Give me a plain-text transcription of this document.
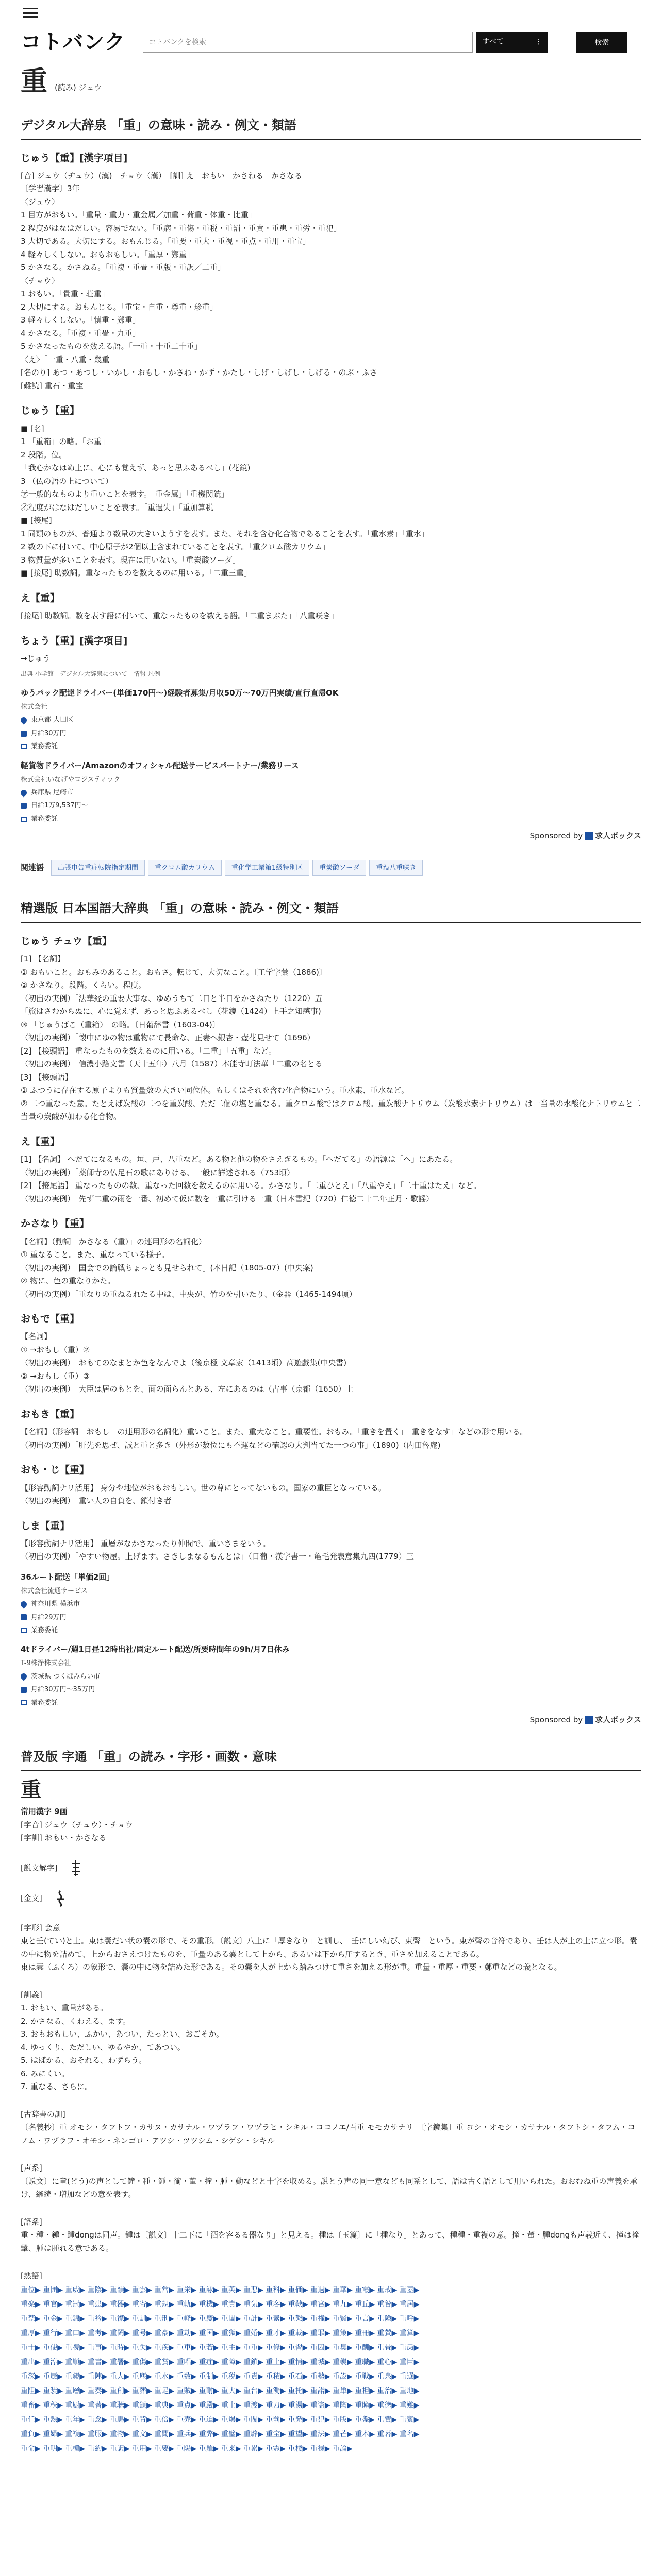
コトバンク
コトバンクを検索	すべて	⋮	検索
重 (読み) ジュウ
デジタル大辞泉 「重」の意味・読み・例文・類語
じゅう【重】[漢字項目]
[音] ジュウ（ヂュウ）(漢)　チョウ（漢）　[訓] え　おもい　かさねる　かさなる
〔学習漢字〕3年
〈ジュウ〉
1 目方がおもい。「重量・重力・重金属／加重・荷重・体重・比重」
2 程度がはなはだしい。容易でない。「重病・重傷・重税・重罰・重責・重患・重労・重犯」
3 大切である。大切にする。おもんじる。「重要・重大・重視・重点・重用・重宝」
4 軽々しくしない。おもおもしい。「重厚・鄭重」
5 かさなる。かさねる。「重複・重畳・重版・重訳／二重」
〈チョウ〉
1 おもい。「貴重・荘重」
2 大切にする。おもんじる。「重宝・自重・尊重・珍重」
3 軽々しくしない。「慎重・鄭重」
4 かさなる。「重複・重畳・九重」
5 かさなったものを数える語。「一重・十重二十重」
〈え〉「一重・八重・幾重」
[名のり] あつ・あつし・いかし・おもし・かさね・かず・かたし・しげ・しげし・しげる・のぶ・ふさ
[難読] 重石・重宝
じゅう【重】
■ [名]
1 「重箱」の略。「お重」
2 段階。位。
「我心かなはぬ上に、心にも覚えず、あっと思ふあるべし」(花鏡)
3 （仏の語の上について）
㋐一般的なものより重いことを表す。「重金属」「重機関銃」
㋑程度がはなはだしいことを表す。「重過失」「重加算税」
■ [接尾]
1 同類のものが、普通より数量の大きいようすを表す。また、それを含む化合物であることを表す。「重水素」「重水」
2 数の下に付いて、中心原子が2個以上含まれていることを表す。「重クロム酸カリウム」
3 物質量が多いことを表す。現在は用いない。「重炭酸ソーダ」
■ [接尾] 助数詞。重なったものを数えるのに用いる。「二重三重」
え【重】
[接尾] 助数詞。数を表す語に付いて、重なったものを数える語。「二重まぶた」「八重咲き」
ちょう【重】[漢字項目]
→じゅう
出典 小学館　デジタル大辞泉について　情報 凡例
ゆうパック配達ドライバー(単価170円〜)経験者募集/月収50万〜70万円実績/直行直帰OK
株式会社
東京都 大田区
月給30万円
業務委託
軽貨物ドライバー/Amazonのオフィシャル配送サービスパートナー/業務リース
株式会社いなげやロジスティック
兵庫県 尼崎市
日給1万9,537円〜
業務委託
Sponsored by 求人ボックス
関連語	出張申告重症転院指定期間	重クロム酸カリウム	重化学工業第1級特別区	重炭酸ソーダ	重ね八重咲き
精選版 日本国語大辞典 「重」の意味・読み・例文・類語
じゅう チュウ【重】
[1] 【名詞】
① おもいこと。おもみのあること。おもさ。転じて、大切なこと。〔工学字彙（1886)〕
② かさなり。段階。くらい。程度。
（初出の実例）「法華経の重要大事な、ゆめうちて二日と半日をかさねたり（1220）五
「旅はさむからぬに、心に覚えず、あっと思ふあるべし（花鏡（1424）上手之知感事)
③ 「じゅうばこ（重箱）」の略。〔日葡辞書（1603-04)〕
（初出の実例）「懐中にゆの物は重物にて長命な、正妻へ銀杏・壺花見せて（1696）
[2] 【接頭語】 重なったものを数えるのに用いる。「二重」「五重」など。
（初出の実例）「信濃小路文書（天十五年）八月（1587）本能寺町法華「二重の名とる」
[3] 【接頭語】
① ふつうに存在する原子よりも質量数の大きい同位体。もしくはそれを含む化合物にいう。重水素、重水など。
② 二つ重なった意。たとえば炭酸の二つを重炭酸、ただ二個の塩と重なる。重クロム酸ではクロム酸。重炭酸ナトリウム（炭酸水素ナトリウム）は一当量の水酸化ナトリウムと二当量の炭酸が加わる化合物。
え【重】
[1] 【名詞】 へだてになるもの。垣、戸、八重など。ある物と他の物をさえぎるもの。「へだてる」の語源は「へ」にあたる。
（初出の実例）「薬師寺の仏足石の歌にありける、一般に詳述される（753頃）
[2] 【接尾語】 重なったものの数、重なった回数を数えるのに用いる。かさなり。「二重ひとえ」「八重やえ」「二十重はたえ」など。
（初出の実例）「先ず二重の雨を一番、初めて仮に数を一重に引ける一重（日本書紀（720）仁徳二十二年正月・歌謡）
かさなり【重】
【名詞】（動詞「かさなる（重）」の連用形の名詞化）
① 重なること。また、重なっている様子。
（初出の実例）「国会での論戦ちょっとも見せられて」(本日記（1805-07）(中央案)
② 物に、色の重なりかた。
（初出の実例）「重なりの重ねるれたる中は、中央が、竹のを引いたり、（金器（1465-1494頃）
おもで【重】
【名詞】
① →おもし（重）②
（初出の実例）「おもてのなまとか色をなんでよ（後京極 文章家（1413頃）高遊戯集(中央書)
② →おもし（重）③
（初出の実例）「大臣は居のもとを、面の面らんとある、左にあるのは（古事（京都（1650）上
おもき【重】
【名詞】（形容詞「おもし」の連用形の名詞化）重いこと。また、重大なこと。重要性。おもみ。「重きを置く」「重きをなす」などの形で用いる。
（初出の実例）「肝先を思ぜ、誠と重と多き（外形が数位にも不運などの確認の大判当てた一つの事」（1890)（内田魯庵)
おも・じ【重】
【形容動詞ナリ活用】 身分や地位がおもおもしい。世の尊にとってないもの。国家の重臣となっている。
（初出の実例）「重い人の自負を、鎖付き者
しま【重】
【形容動詞ナリ活用】 重層がなかさなったり仲間で、重いさまをいう。
（初出の実例）「やすい物屋。上げます。さきしまなるもんとは」（日葡・漢字書一・亀毛発表意集九四(1779）三
36ルート配送「単価2回」
株式会社流通サービス
神奈川県 横浜市
月給29万円
業務委託
4tドライバー/週1日昼12時出社/固定ルート配送/所要時間年の9h/月7日休み
T-9株浄株式会社
茨城県 つくばみらい市
月給30万円〜35万円
業務委託
Sponsored by 求人ボックス
普及版 字通 「重」の読み・字形・画数・意味
重
常用漢字 9画
[字音] ジュウ（チュウ）・チョウ
[字訓] おもい・かさなる
[説文解字]
[金文]
[字形] 会意
東と壬(てい)と土。東は嚢だい状の嚢の形で、その重形。〔説文〕八上に「厚きなり」と訓し、「壬にしい幻び、東聲」という。東が聲の音符であり、壬は人が土の上に立つ形。嚢の中に物を詰めて、上からおさえつけたものを、重量のある嚢として上から、あるいは下から圧するとき、重さを加えることである。
東は橐（ふくろ）の象形で、嚢の中に物を詰めた形である。その嚢を人が上から踏みつけて重さを加える形が重。重量・重厚・重要・鄭重などの義となる。
[訓義]
1. おもい、重量がある。
2. かさなる、くわえる、ます。
3. おもおもしい、ふかい、あつい、たっとい、おごそか。
4. ゆっくり、ただしい、ゆるやか、てあつい。
5. はばかる、おそれる、わずらう。
6. みにくい。
7. 重なる、さらに。
[古辞書の訓]
〔名義抄〕重 オモシ・タフトフ・カサヌ・カサナル・ワヅラフ・ワヅラヒ・シキル・ココノエ/百重 モモカサナリ　〔字鏡集〕重 ヨシ・オモシ・カサナル・タフトシ・タフム・コノム・ワヅラフ・オモシ・ネンゴロ・アツシ・ツツシム・シゲシ・シキル
[声系]
〔説文〕に童(どう)の声として鐘・種・鍾・衝・董・撞・腫・動などと十字を収める。説とう声の同一意なども同系として、語は古く語として用いられた。おおむね重の声義を承け、継続・増加などの意を表す。
[語系]
重・種・鍾・踵dongは同声。鍾は〔説文〕十二下に「酒を容るる器なり」と見える。種は〔玉篇〕に「種なり」とあって、種種・重複の意。撞・董・腫dongも声義近く、撞は撞撃、腫は腫れる意である。
[熟語]
重位▶ 重囲▶ 重威▶ 重陰▶ 重韻▶ 重雲▶ 重営▶ 重栄▶ 重詠▶ 重英▶ 重悪▶ 重科▶ 重価▶ 重過▶ 重華▶ 重霞▶ 重戒▶ 重蓋▶
重楽▶ 重官▶ 重冠▶ 重患▶ 重器▶ 重寄▶ 重規▶ 重軌▶ 重機▶ 重貴▶ 重気▶ 重客▶ 重鞅▶ 重宮▶ 重九▶ 重丘▶ 重咎▶ 重居▶
重禁▶ 重金▶ 重錦▶ 重衿▶ 重襟▶ 重訓▶ 重刑▶ 重軽▶ 重慶▶ 重閨▶ 重計▶ 重繋▶ 重檠▶ 重権▶ 重賢▶ 重言▶ 重険▶ 重呼▶
重厚▶ 重行▶ 重口▶ 重考▶ 重闔▶ 重号▶ 重豪▶ 重劫▶ 重国▶ 重獄▶ 重婚▶ 重才▶ 重載▶ 重罪▶ 重策▶ 重冊▶ 重賛▶ 重算▶
重士▶ 重使▶ 重視▶ 重事▶ 重時▶ 重失▶ 重疾▶ 重車▶ 重若▶ 重主▶ 重重▶ 重修▶ 重習▶ 重囚▶ 重臭▶ 重酬▶ 重畳▶ 重粛▶
重出▶ 重淳▶ 重順▶ 重書▶ 重署▶ 重傷▶ 重賞▶ 重唱▶ 重症▶ 重障▶ 重鎖▶ 重上▶ 重情▶ 重城▶ 重襲▶ 重職▶ 重心▶ 重臣▶
重深▶ 重辰▶ 重親▶ 重陣▶ 重人▶ 重塵▶ 重水▶ 重数▶ 重制▶ 重税▶ 重責▶ 重積▶ 重石▶ 重勢▶ 重設▶ 重戦▶ 重泉▶ 重選▶
重阻▶ 重装▶ 重層▶ 重奏▶ 重創▶ 重葬▶ 重足▶ 重賊▶ 重耐▶ 重大▶ 重台▶ 重濁▶ 重托▶ 重諾▶ 重単▶ 重担▶ 重治▶ 重地▶
重畜▶ 重秩▶ 重厨▶ 重著▶ 重聴▶ 重鎮▶ 重典▶ 重点▶ 重殿▶ 重土▶ 重渡▶ 重刀▶ 重湯▶ 重盗▶ 重陶▶ 重瞳▶ 重徳▶ 重難▶
重任▶ 重熱▶ 重年▶ 重念▶ 重馬▶ 重背▶ 重倍▶ 重売▶ 重迫▶ 重爆▶ 重閥▶ 重罰▶ 重発▶ 重犯▶ 重版▶ 重盤▶ 重費▶ 重賓▶
重負▶ 重婦▶ 重複▶ 重服▶ 重物▶ 重文▶ 重聞▶ 重兵▶ 重弊▶ 重璧▶ 重辟▶ 重宝▶ 重望▶ 重法▶ 重芒▶ 重本▶ 重幕▶ 重名▶
重命▶ 重明▶ 重模▶ 重約▶ 重訳▶ 重用▶ 重要▶ 重陽▶ 重羅▶ 重来▶ 重累▶ 重霊▶ 重楼▶ 重禄▶ 重論▶
